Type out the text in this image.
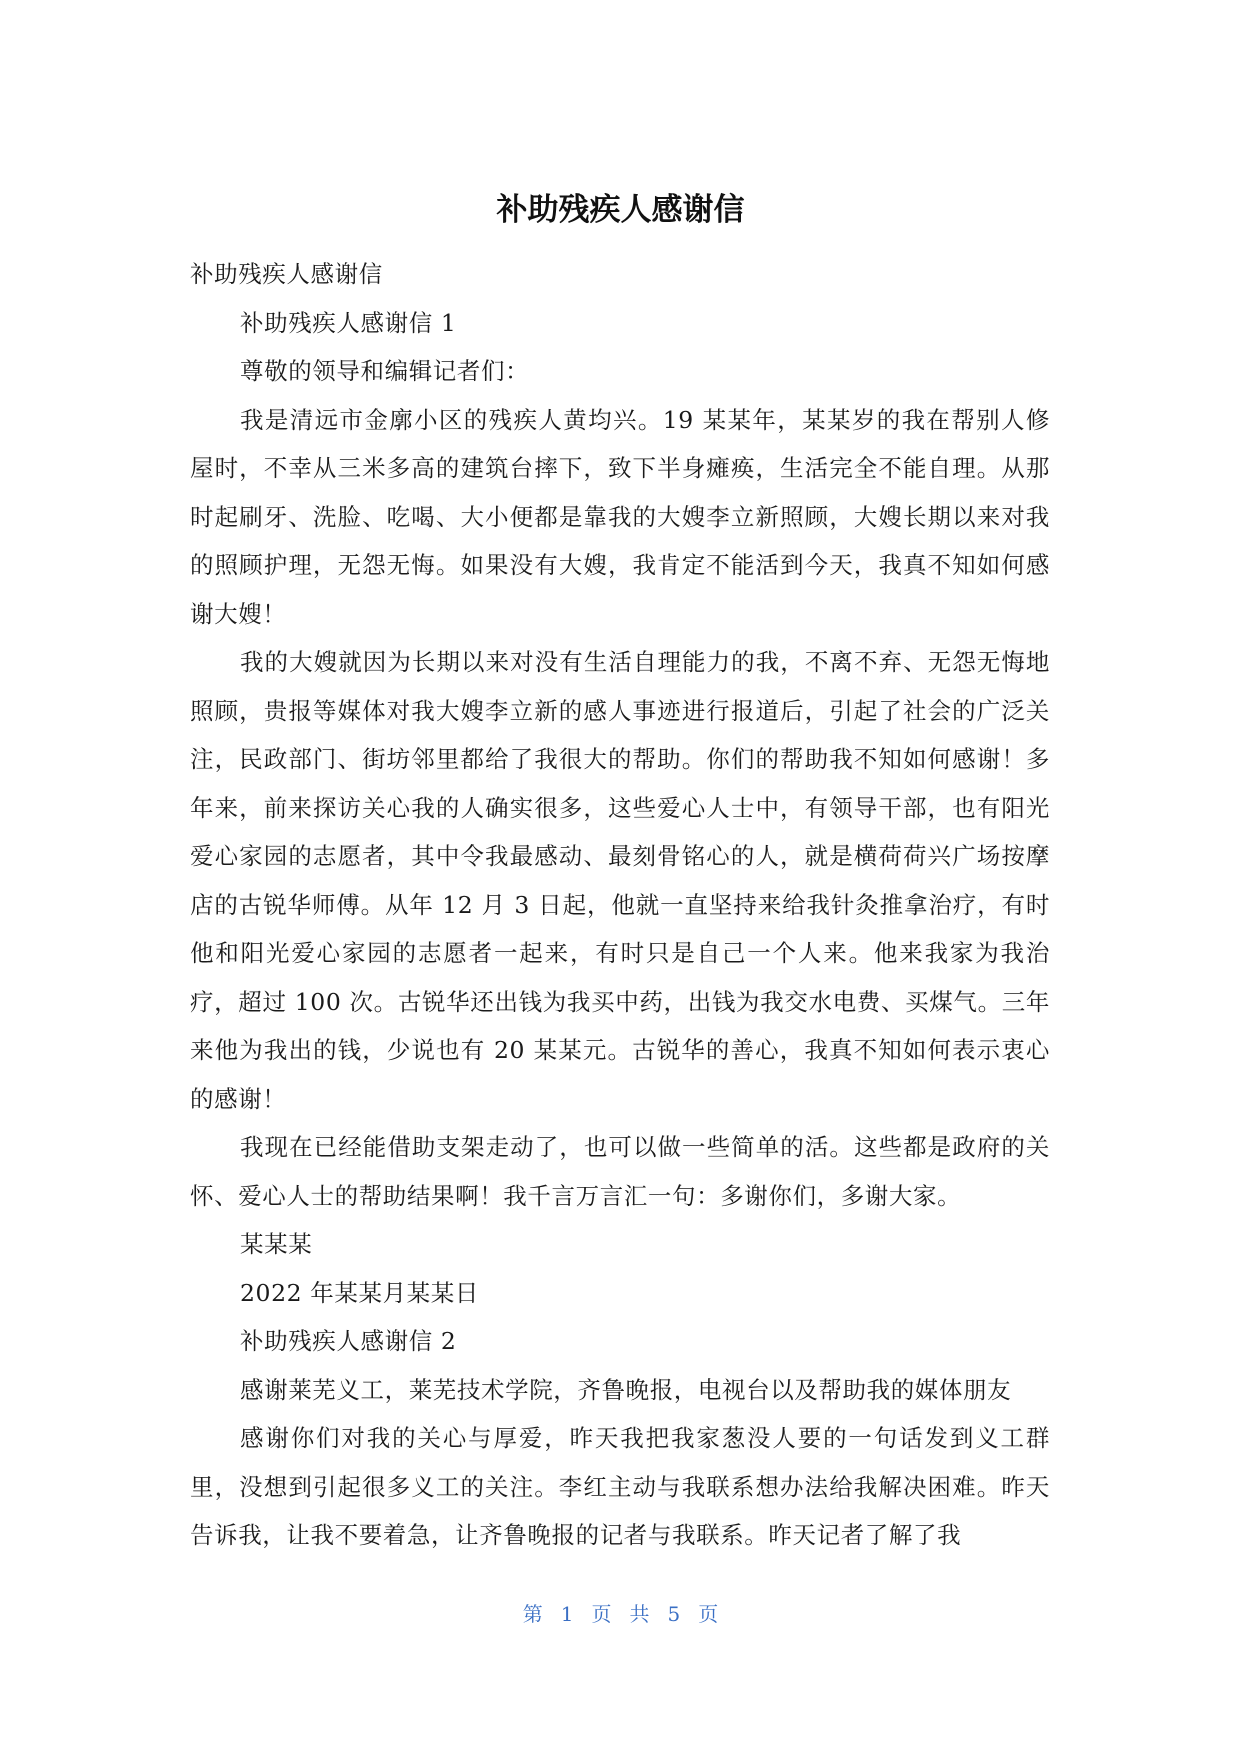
补助残疾人感谢信

补助残疾人感谢信

补助残疾人感谢信 1

尊敬的领导和编辑记者们：

我是清远市金廓小区的残疾人黄均兴。19 某某年，某某岁的我在帮别人修屋时，不幸从三米多高的建筑台摔下，致下半身瘫痪，生活完全不能自理。从那时起刷牙、洗脸、吃喝、大小便都是靠我的大嫂李立新照顾，大嫂长期以来对我的照顾护理，无怨无悔。如果没有大嫂，我肯定不能活到今天，我真不知如何感谢大嫂！

我的大嫂就因为长期以来对没有生活自理能力的我，不离不弃、无怨无悔地照顾，贵报等媒体对我大嫂李立新的感人事迹进行报道后，引起了社会的广泛关注，民政部门、街坊邻里都给了我很大的帮助。你们的帮助我不知如何感谢！多年来，前来探访关心我的人确实很多，这些爱心人士中，有领导干部，也有阳光爱心家园的志愿者，其中令我最感动、最刻骨铭心的人，就是横荷荷兴广场按摩店的古锐华师傅。从年 12 月 3 日起，他就一直坚持来给我针灸推拿治疗，有时他和阳光爱心家园的志愿者一起来，有时只是自己一个人来。他来我家为我治疗，超过 100 次。古锐华还出钱为我买中药，出钱为我交水电费、买煤气。三年来他为我出的钱，少说也有 20 某某元。古锐华的善心，我真不知如何表示衷心的感谢！

我现在已经能借助支架走动了，也可以做一些简单的活。这些都是政府的关怀、爱心人士的帮助结果啊！我千言万言汇一句：多谢你们，多谢大家。

某某某

2022 年某某月某某日

补助残疾人感谢信 2

感谢莱芜义工，莱芜技术学院，齐鲁晚报，电视台以及帮助我的媒体朋友

感谢你们对我的关心与厚爱，昨天我把我家葱没人要的一句话发到义工群里，没想到引起很多义工的关注。李红主动与我联系想办法给我解决困难。昨天告诉我，让我不要着急，让齐鲁晚报的记者与我联系。昨天记者了解了我

第 1 页 共 5 页
